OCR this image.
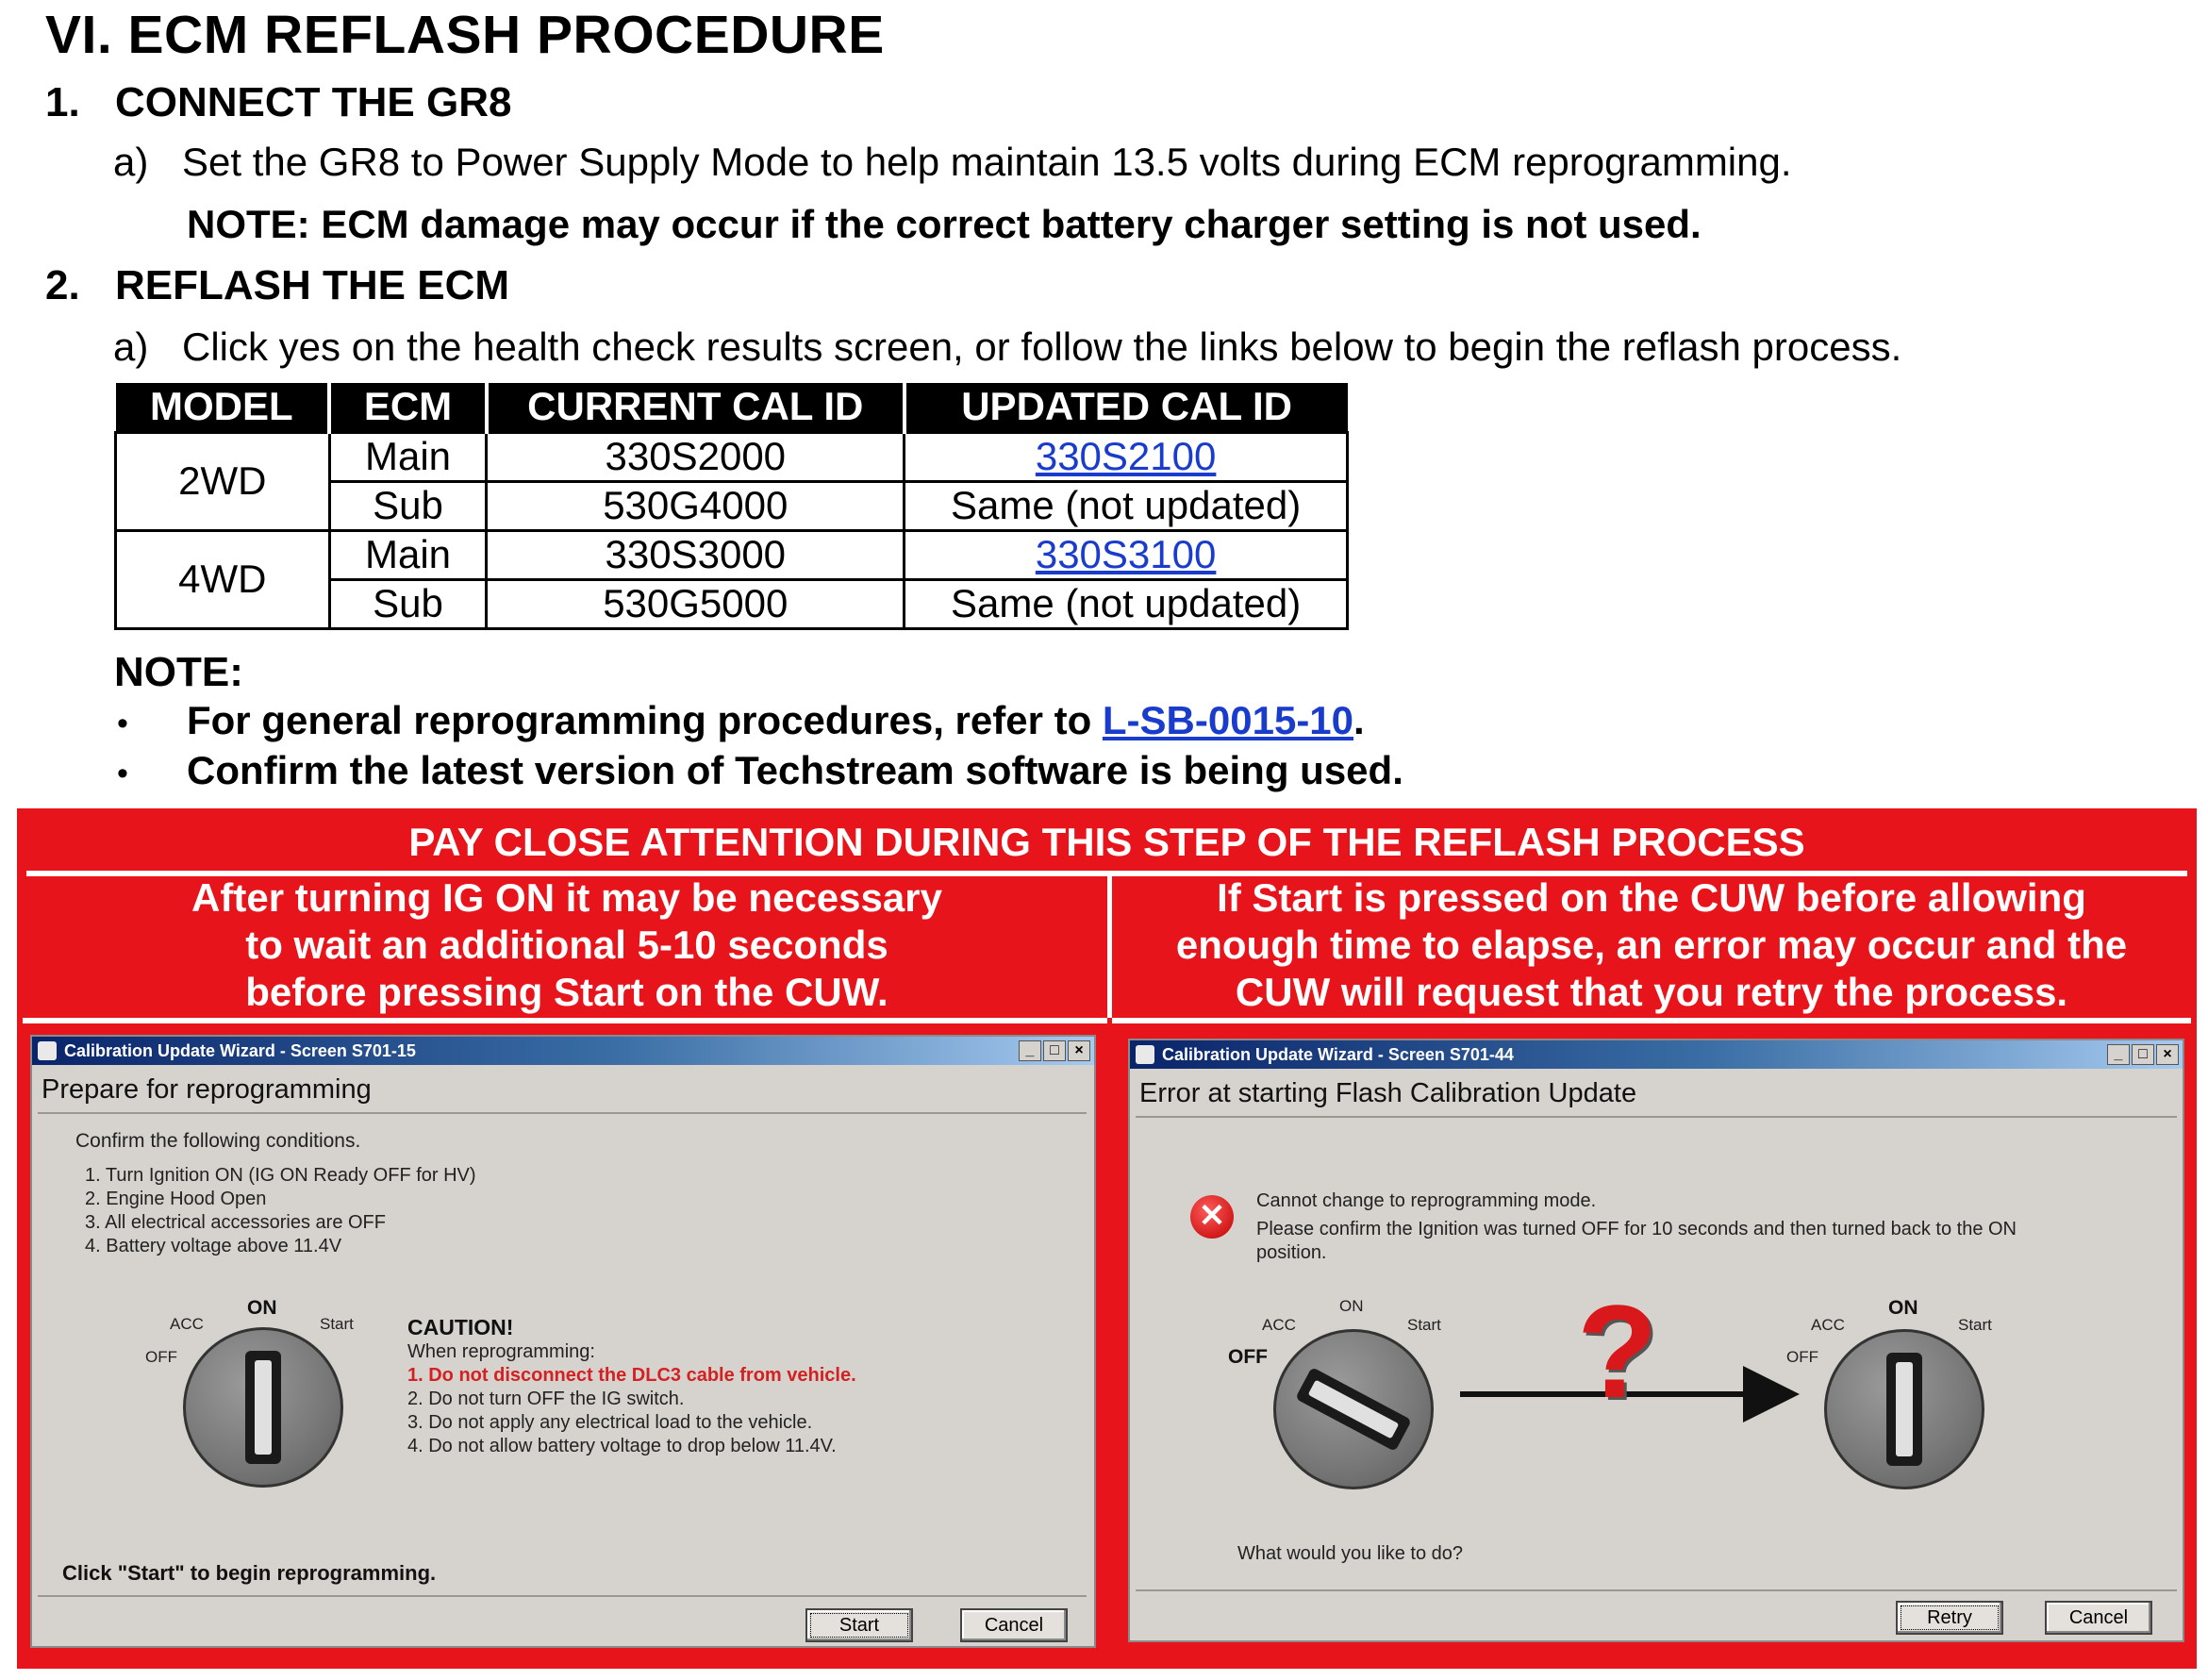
VI. ECM REFLASH PROCEDURE
1. CONNECT THE GR8
a) Set the GR8 to Power Supply Mode to help maintain 13.5 volts during ECM reprogramming.
NOTE: ECM damage may occur if the correct battery charger setting is not used.
2. REFLASH THE ECM
a) Click yes on the health check results screen, or follow the links below to begin the reflash process.
MODEL	ECM	CURRENT CAL ID	UPDATED CAL ID
2WD	Main	330S2000	330S2100
	Sub	530G4000	Same (not updated)
4WD	Main	330S3000	330S3100
	Sub	530G5000	Same (not updated)
NOTE:
• For general reprogramming procedures, refer to L-SB-0015-10.
• Confirm the latest version of Techstream software is being used.
PAY CLOSE ATTENTION DURING THIS STEP OF THE REFLASH PROCESS
After turning IG ON it may be necessary
to wait an additional 5-10 seconds
before pressing Start on the CUW.
If Start is pressed on the CUW before allowing
enough time to elapse, an error may occur and the
CUW will request that you retry the process.
Calibration Update Wizard - Screen S701-15	_	□	×
Prepare for reprogramming
Confirm the following conditions.
1. Turn Ignition ON (IG ON Ready OFF for HV)
2. Engine Hood Open
3. All electrical accessories are OFF
4. Battery voltage above 11.4V
ON
ACC	Start
OFF
CAUTION!
When reprogramming:
1. Do not disconnect the DLC3 cable from vehicle.
2. Do not turn OFF the IG switch.
3. Do not apply any electrical load to the vehicle.
4. Do not allow battery voltage to drop below 11.4V.
Click "Start" to begin reprogramming.
Start	Cancel
Calibration Update Wizard - Screen S701-44	_	□	×
Error at starting Flash Calibration Update
✕	Cannot change to reprogramming mode.
Please confirm the Ignition was turned OFF for 10 seconds and then turned back to the ON position.
ON
ACC	Start
OFF ?	ON
ACC	Start
OFF
What would you like to do?
Retry	Cancel
